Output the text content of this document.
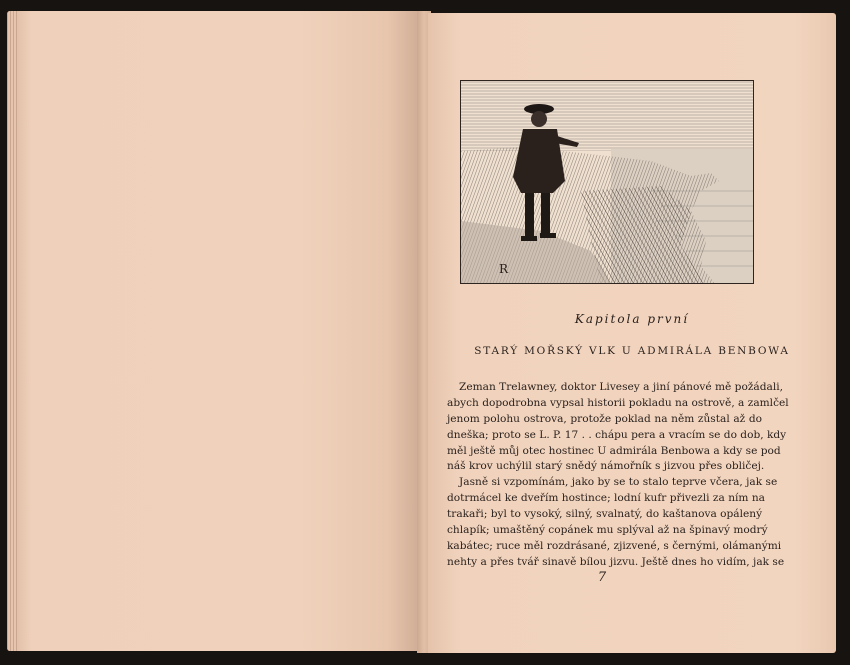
R
Kapitola první
STARÝ MOŘSKÝ VLK U ADMIRÁLA BENBOWA
Zeman Trelawney, doktor Livesey a jiní pánové mě požádali,
abych dopodrobna vypsal historii pokladu na ostrově, a zamlčel
jenom polohu ostrova, protože poklad na něm zůstal až do
dneška; proto se L. P. 17 . . chápu pera a vracím se do dob, kdy
měl ještě můj otec hostinec U admirála Benbowa a kdy se pod
náš krov uchýlil starý snědý námořník s jizvou přes obličej.
Jasně si vzpomínám, jako by se to stalo teprve včera, jak se
dotrmácel ke dveřím hostince; lodní kufr přivezli za ním na
trakaři; byl to vysoký, silný, svalnatý, do kaštanova opálený
chlapík; umaštěný copánek mu splýval až na špinavý modrý
kabátec; ruce měl rozdrásané, zjizvené, s černými, olámanými
nehty a přes tvář sinavě bílou jizvu. Ještě dnes ho vidím, jak se
7
